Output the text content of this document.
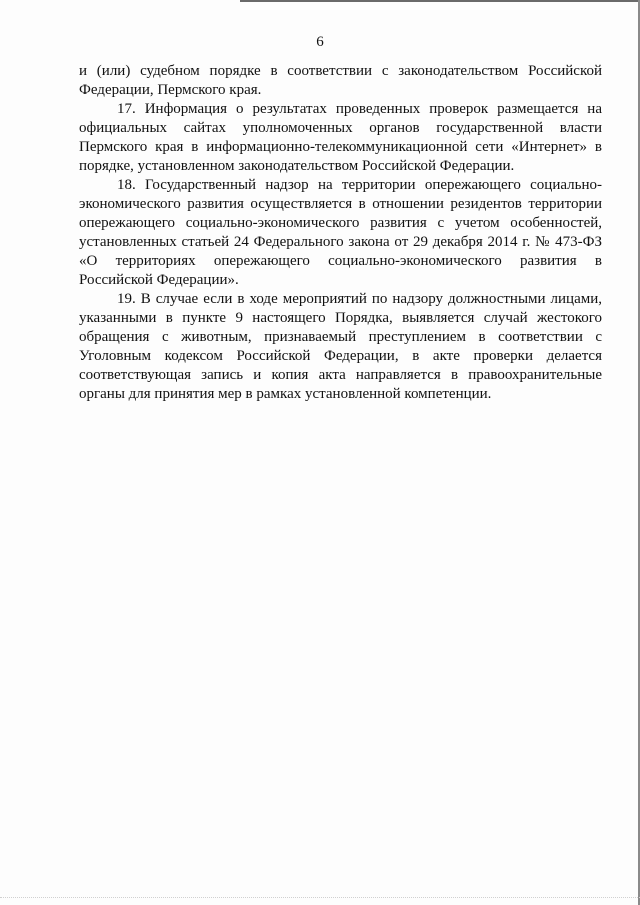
6

и (или) судебном порядке в соответствии с законодательством Российской Федерации, Пермского края.

17. Информация о результатах проведенных проверок размещается на официальных сайтах уполномоченных органов государственной власти Пермского края в информационно-телекоммуникационной сети «Интернет» в порядке, установленном законодательством Российской Федерации.

18. Государственный надзор на территории опережающего социально-экономического развития осуществляется в отношении резидентов территории опережающего социально-экономического развития с учетом особенностей, установленных статьей 24 Федерального закона от 29 декабря 2014 г. № 473-ФЗ «О территориях опережающего социально-экономического развития в Российской Федерации».

19. В случае если в ходе мероприятий по надзору должностными лицами, указанными в пункте 9 настоящего Порядка, выявляется случай жестокого обращения с животным, признаваемый преступлением в соответствии с Уголовным кодексом Российской Федерации, в акте проверки делается соответствующая запись и копия акта направляется в правоохранительные органы для принятия мер в рамках установленной компетенции.
